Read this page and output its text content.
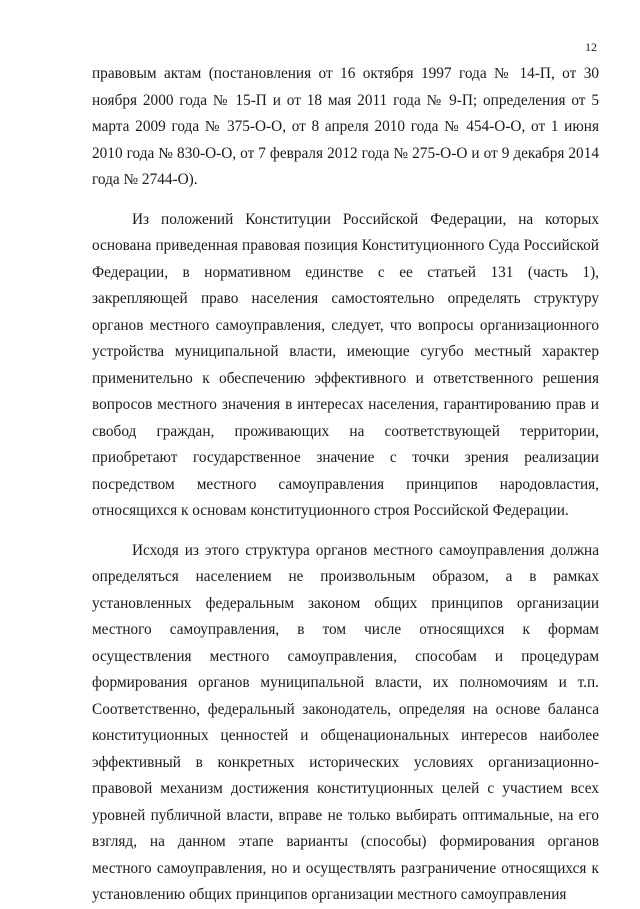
12

правовым актам (постановления от 16 октября 1997 года № 14-П, от 30 ноября 2000 года № 15-П и от 18 мая 2011 года № 9-П; определения от 5 марта 2009 года № 375-О-О, от 8 апреля 2010 года № 454-О-О, от 1 июня 2010 года № 830-О-О, от 7 февраля 2012 года № 275-О-О и от 9 декабря 2014 года № 2744-О).

Из положений Конституции Российской Федерации, на которых основана приведенная правовая позиция Конституционного Суда Российской Федерации, в нормативном единстве с ее статьей 131 (часть 1), закрепляющей право населения самостоятельно определять структуру органов местного самоуправления, следует, что вопросы организационного устройства муниципальной власти, имеющие сугубо местный характер применительно к обеспечению эффективного и ответственного решения вопросов местного значения в интересах населения, гарантированию прав и свобод граждан, проживающих на соответствующей территории, приобретают государственное значение с точки зрения реализации посредством местного самоуправления принципов народовластия, относящихся к основам конституционного строя Российской Федерации.

Исходя из этого структура органов местного самоуправления должна определяться населением не произвольным образом, а в рамках установленных федеральным законом общих принципов организации местного самоуправления, в том числе относящихся к формам осуществления местного самоуправления, способам и процедурам формирования органов муниципальной власти, их полномочиям и т.п. Соответственно, федеральный законодатель, определяя на основе баланса конституционных ценностей и общенациональных интересов наиболее эффективный в конкретных исторических условиях организационно-правовой механизм достижения конституционных целей с участием всех уровней публичной власти, вправе не только выбирать оптимальные, на его взгляд, на данном этапе варианты (способы) формирования органов местного самоуправления, но и осуществлять разграничение относящихся к установлению общих принципов организации местного самоуправления
